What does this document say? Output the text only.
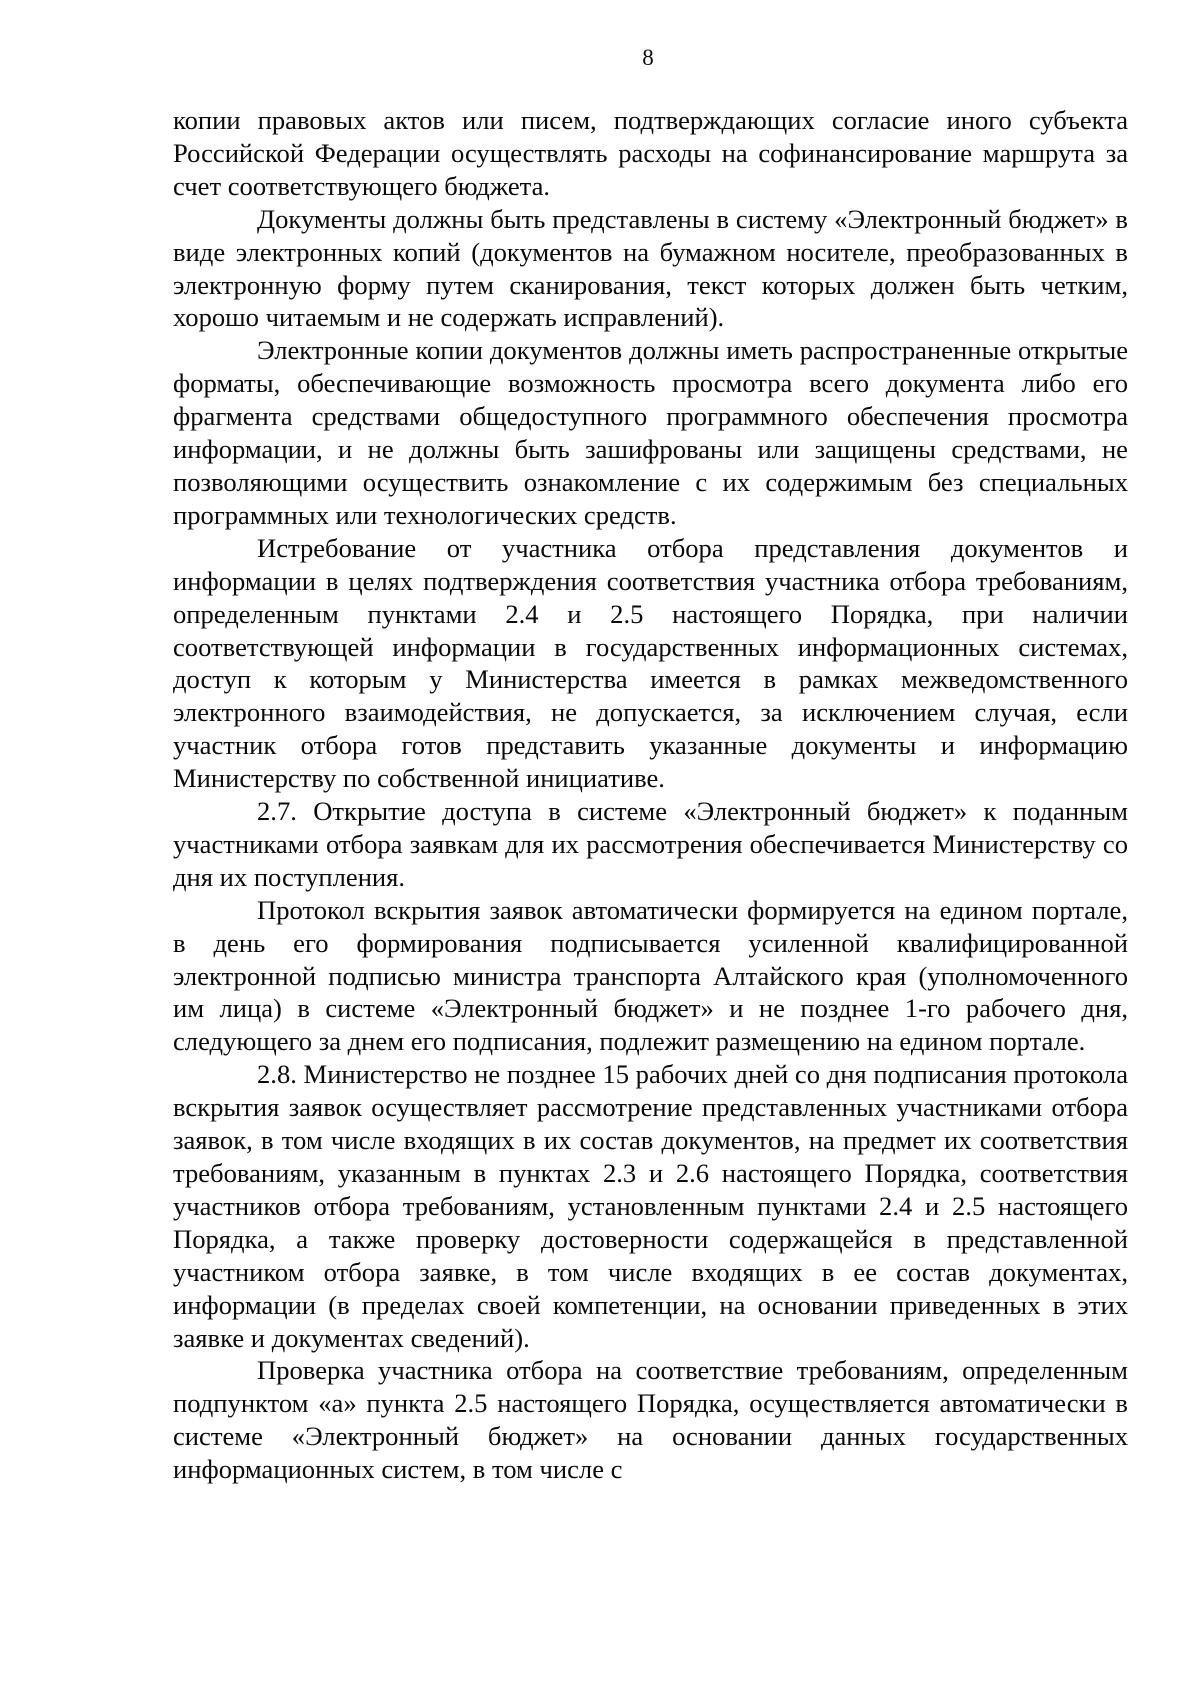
8

копии правовых актов или писем, подтверждающих согласие иного субъекта Российской Федерации осуществлять расходы на софинансирование маршрута за счет соответствующего бюджета.

Документы должны быть представлены в систему «Электронный бюджет» в виде электронных копий (документов на бумажном носителе, преобразованных в электронную форму путем сканирования, текст которых должен быть четким, хорошо читаемым и не содержать исправлений).

Электронные копии документов должны иметь распространенные открытые форматы, обеспечивающие возможность просмотра всего документа либо его фрагмента средствами общедоступного программного обеспечения просмотра информации, и не должны быть зашифрованы или защищены средствами, не позволяющими осуществить ознакомление с их содержимым без специальных программных или технологических средств.

Истребование от участника отбора представления документов и информации в целях подтверждения соответствия участника отбора требованиям, определенным пунктами 2.4 и 2.5 настоящего Порядка, при наличии соответствующей информации в государственных информационных системах, доступ к которым у Министерства имеется в рамках межведомственного электронного взаимодействия, не допускается, за исключением случая, если участник отбора готов представить указанные документы и информацию Министерству по собственной инициативе.

2.7. Открытие доступа в системе «Электронный бюджет» к поданным участниками отбора заявкам для их рассмотрения обеспечивается Министерству со дня их поступления.

Протокол вскрытия заявок автоматически формируется на едином портале, в день его формирования подписывается усиленной квалифицированной электронной подписью министра транспорта Алтайского края (уполномоченного им лица) в системе «Электронный бюджет» и не позднее 1-го рабочего дня, следующего за днем его подписания, подлежит размещению на едином портале.

2.8. Министерство не позднее 15 рабочих дней со дня подписания протокола вскрытия заявок осуществляет рассмотрение представленных участниками отбора заявок, в том числе входящих в их состав документов, на предмет их соответствия требованиям, указанным в пунктах 2.3 и 2.6 настоящего Порядка, соответствия участников отбора требованиям, установленным пунктами 2.4 и 2.5 настоящего Порядка, а также проверку достоверности содержащейся в представленной участником отбора заявке, в том числе входящих в ее состав документах, информации (в пределах своей компетенции, на основании приведенных в этих заявке и документах сведений).

Проверка участника отбора на соответствие требованиям, определенным подпунктом «а» пункта 2.5 настоящего Порядка, осуществляется автоматически в системе «Электронный бюджет» на основании данных государственных информационных систем, в том числе с
